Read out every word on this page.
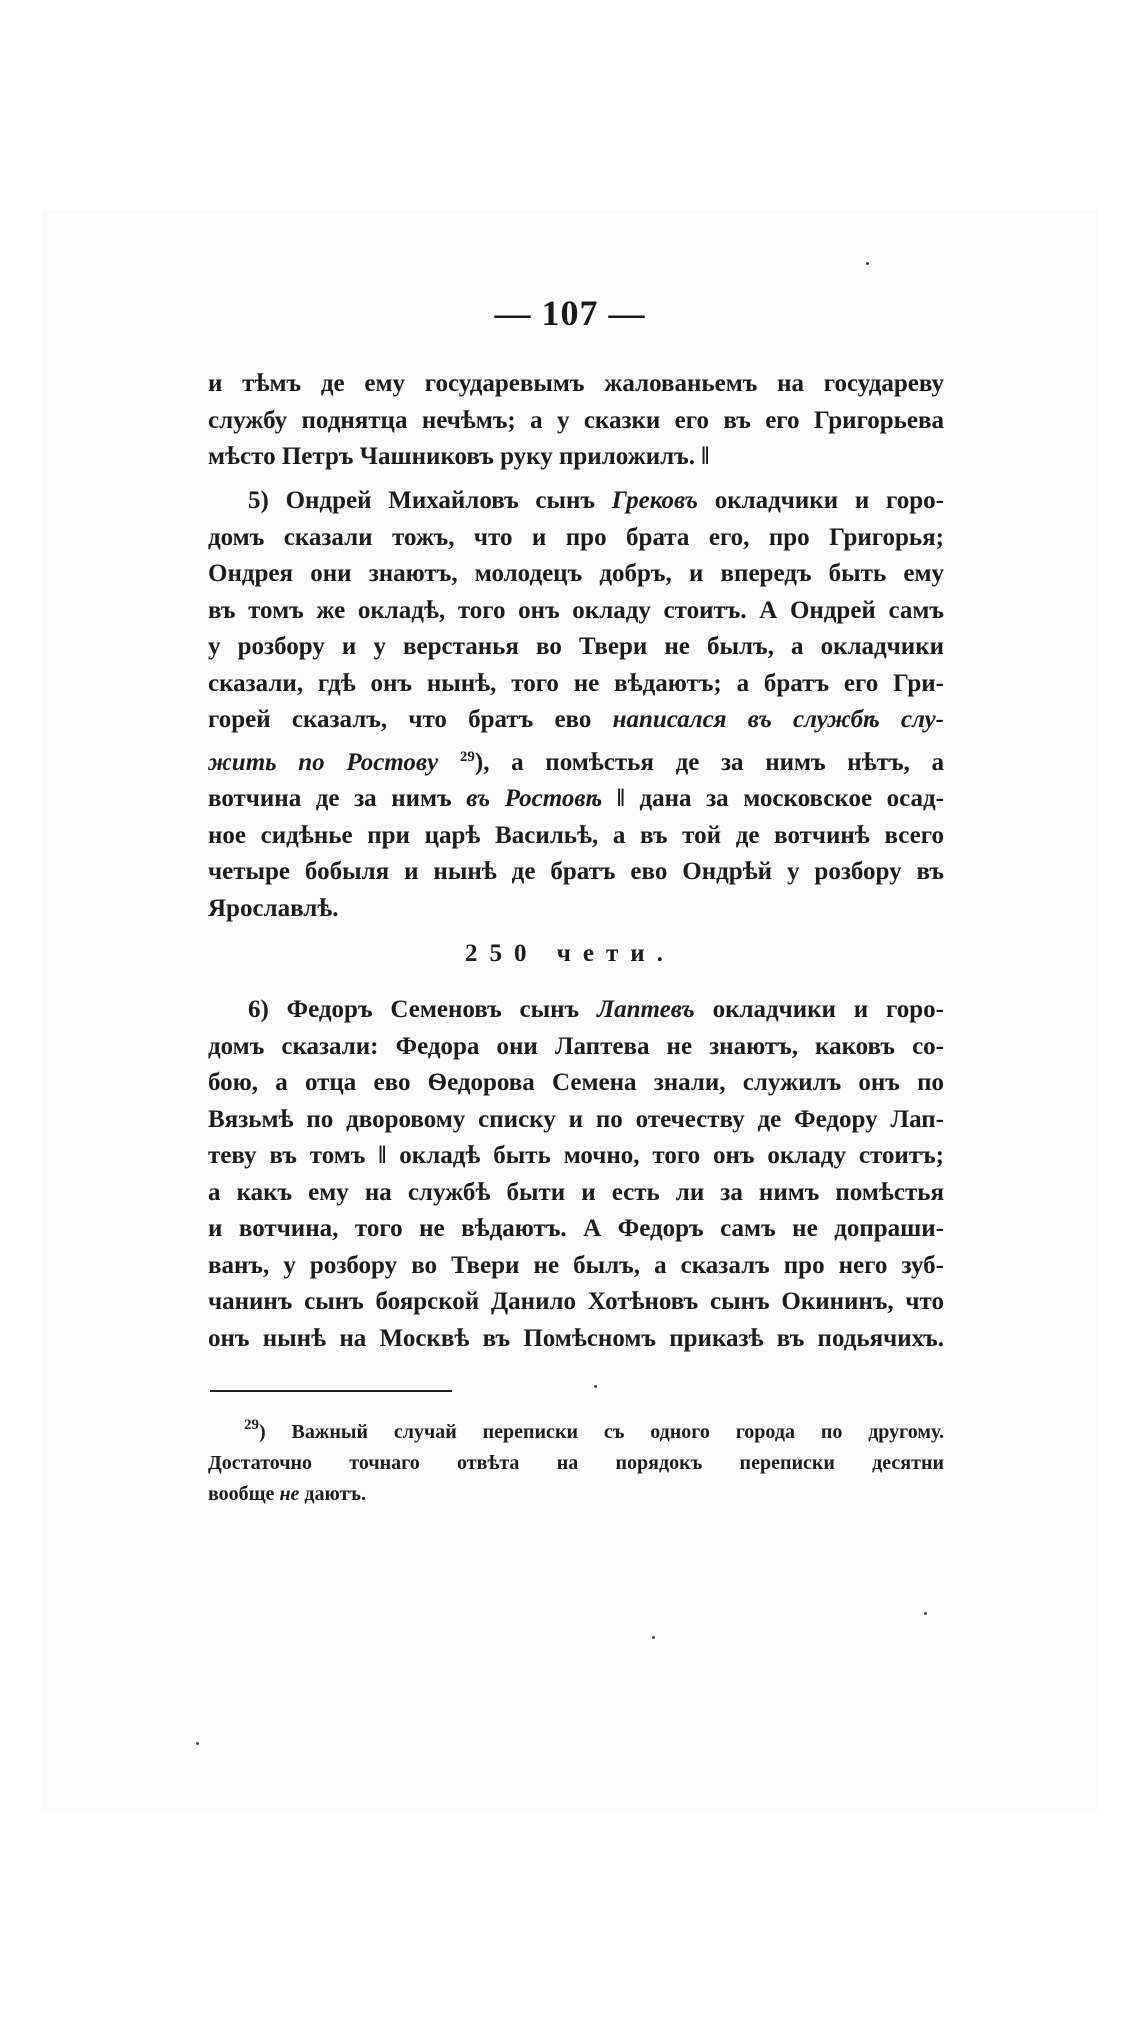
— 107 —
и тѣмъ де ему государевымъ жалованьемъ на государеву
службу поднятца нечѣмъ; а у сказки его въ его Григорьева
мѣсто Петръ Чашниковъ руку приложилъ. ‖
5) Ондрей Михайловъ сынъ Грековъ окладчики и горо-
домъ сказали тожъ, что и про брата его, про Григорья;
Ондрея они знаютъ, молодецъ добръ, и впередъ быть ему
въ томъ же окладѣ, того онъ окладу стоитъ. А Ондрей самъ
у розбору и у верстанья во Твери не былъ, а окладчики
сказали, гдѣ онъ нынѣ, того не вѣдаютъ; а братъ его Гри-
горей сказалъ, что братъ ево написался въ службѣ слу-
жить по Ростову $^{29}$), а помѣстья де за нимъ нѣтъ, а
вотчина де за нимъ въ Ростовѣ ‖ дана за московское осад-
ное сидѣнье при царѣ Васильѣ, а въ той де вотчинѣ всего
четыре бобыля и нынѣ де братъ ево Ондрѣй у розбору въ
Ярославлѣ.
250 чети.
6) Федоръ Семеновъ сынъ Лаптевъ окладчики и горо-
домъ сказали: Федора они Лаптева не знаютъ, каковъ со-
бою, а отца ево Ѳедорова Семена знали, служилъ онъ по
Вязьмѣ по дворовому списку и по отечеству де Федору Лап-
теву въ томъ ‖ окладѣ быть мочно, того онъ окладу стоитъ;
а какъ ему на службѣ быти и есть ли за нимъ помѣстья
и вотчина, того не вѣдаютъ. А Федоръ самъ не допраши-
ванъ, у розбору во Твери не былъ, а сказалъ про него зуб-
чанинъ сынъ боярской Данило Хотѣновъ сынъ Окининъ, что
онъ нынѣ на Москвѣ въ Помѣсномъ приказѣ въ подьячихъ.
$^{29}$) Важный случай переписки съ одного города по другому.
Достаточно точнаго отвѣта на порядокъ переписки десятни
вообще не даютъ.
